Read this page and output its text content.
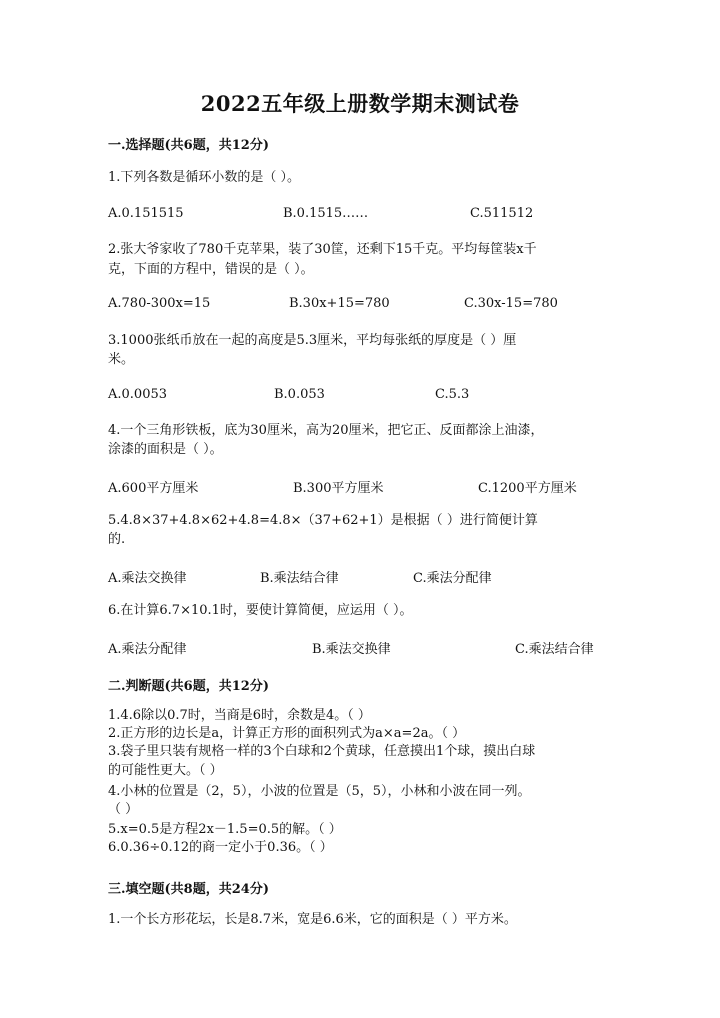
2022五年级上册数学期末测试卷
一.选择题(共6题，共12分)
1.下列各数是循环小数的是（ ）。
A.0.151515	B.0.1515……	C.511512
2.张大爷家收了780千克苹果，装了30筐，还剩下15千克。平均每筐装x千
克，下面的方程中，错误的是（ ）。
A.780-300x=15	B.30x+15=780	C.30x-15=780
3.1000张纸币放在一起的高度是5.3厘米，平均每张纸的厚度是（ ）厘
米。
A.0.0053	B.0.053	C.5.3
4.一个三角形铁板，底为30厘米，高为20厘米，把它正、反面都涂上油漆，
涂漆的面积是（ ）。
A.600平方厘米	B.300平方厘米	C.1200平方厘米
5.4.8×37+4.8×62+4.8=4.8×（37+62+1）是根据（ ）进行简便计算
的.
A.乘法交换律	B.乘法结合律	C.乘法分配律
6.在计算6.7×10.1时，要使计算简便，应运用（ ）。
A.乘法分配律	B.乘法交换律	C.乘法结合律
二.判断题(共6题，共12分)
1.4.6除以0.7时，当商是6时，余数是4。（ ）
2.正方形的边长是a，计算正方形的面积列式为a×a=2a。（ ）
3.袋子里只装有规格一样的3个白球和2个黄球，任意摸出1个球，摸出白球
的可能性更大。（ ）
4.小林的位置是（2，5），小波的位置是（5，5），小林和小波在同一列。
（ ）
5.x=0.5是方程2x－1.5=0.5的解。（ ）
6.0.36÷0.12的商一定小于0.36。（ ）
三.填空题(共8题，共24分)
1.一个长方形花坛，长是8.7米，宽是6.6米，它的面积是（ ）平方米。
